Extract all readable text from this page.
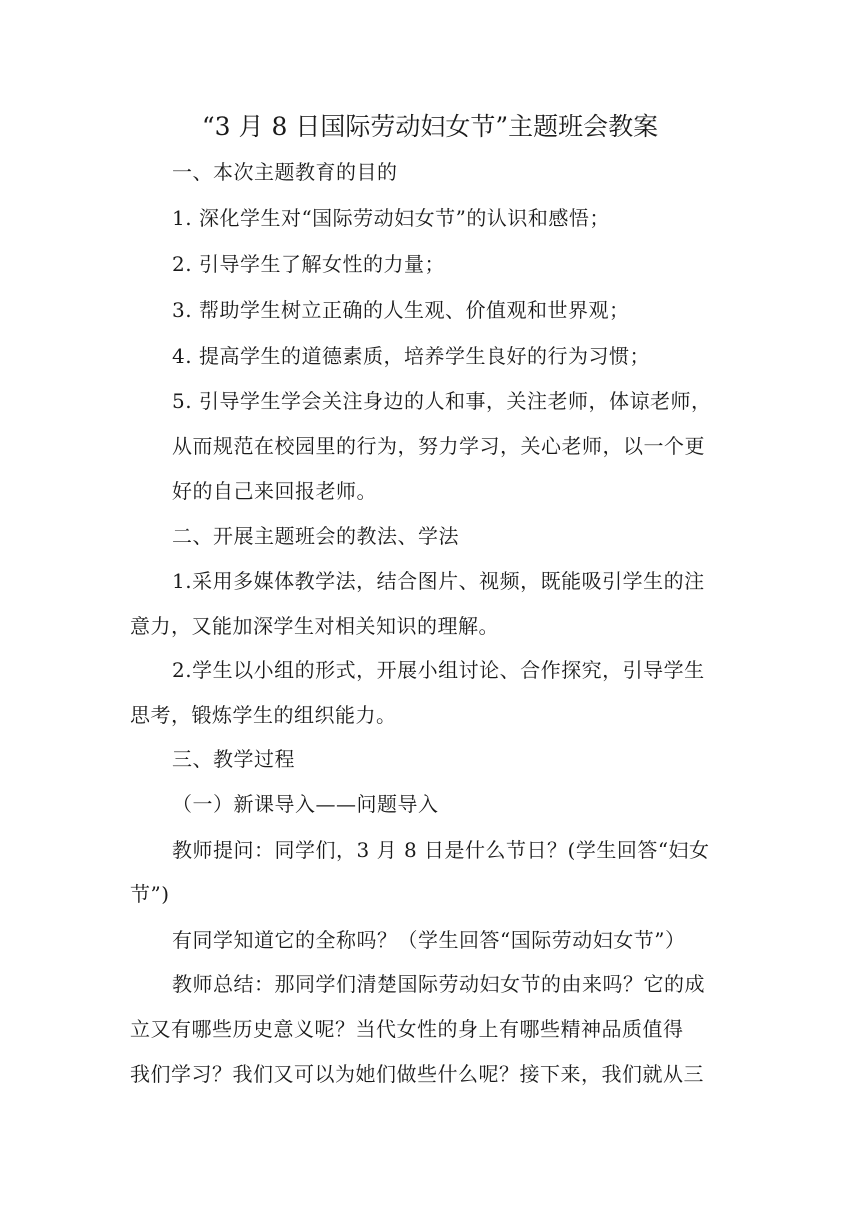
“3 月 8 日国际劳动妇女节”主题班会教案
一、本次主题教育的目的
1. 深化学生对“国际劳动妇女节”的认识和感悟；
2. 引导学生了解女性的力量；
3. 帮助学生树立正确的人生观、价值观和世界观；
4. 提高学生的道德素质，培养学生良好的行为习惯；
5. 引导学生学会关注身边的人和事，关注老师，体谅老师，
从而规范在校园里的行为，努力学习，关心老师，以一个更
好的自己来回报老师。
二、开展主题班会的教法、学法
1.采用多媒体教学法，结合图片、视频，既能吸引学生的注
意力，又能加深学生对相关知识的理解。
2.学生以小组的形式，开展小组讨论、合作探究，引导学生
思考，锻炼学生的组织能力。
三、教学过程
（一）新课导入——问题导入
教师提问：同学们，3 月 8 日是什么节日？(学生回答“妇女
节”)
有同学知道它的全称吗？（学生回答“国际劳动妇女节”）
教师总结：那同学们清楚国际劳动妇女节的由来吗？它的成
立又有哪些历史意义呢？当代女性的身上有哪些精神品质值得
我们学习？我们又可以为她们做些什么呢？接下来，我们就从三
